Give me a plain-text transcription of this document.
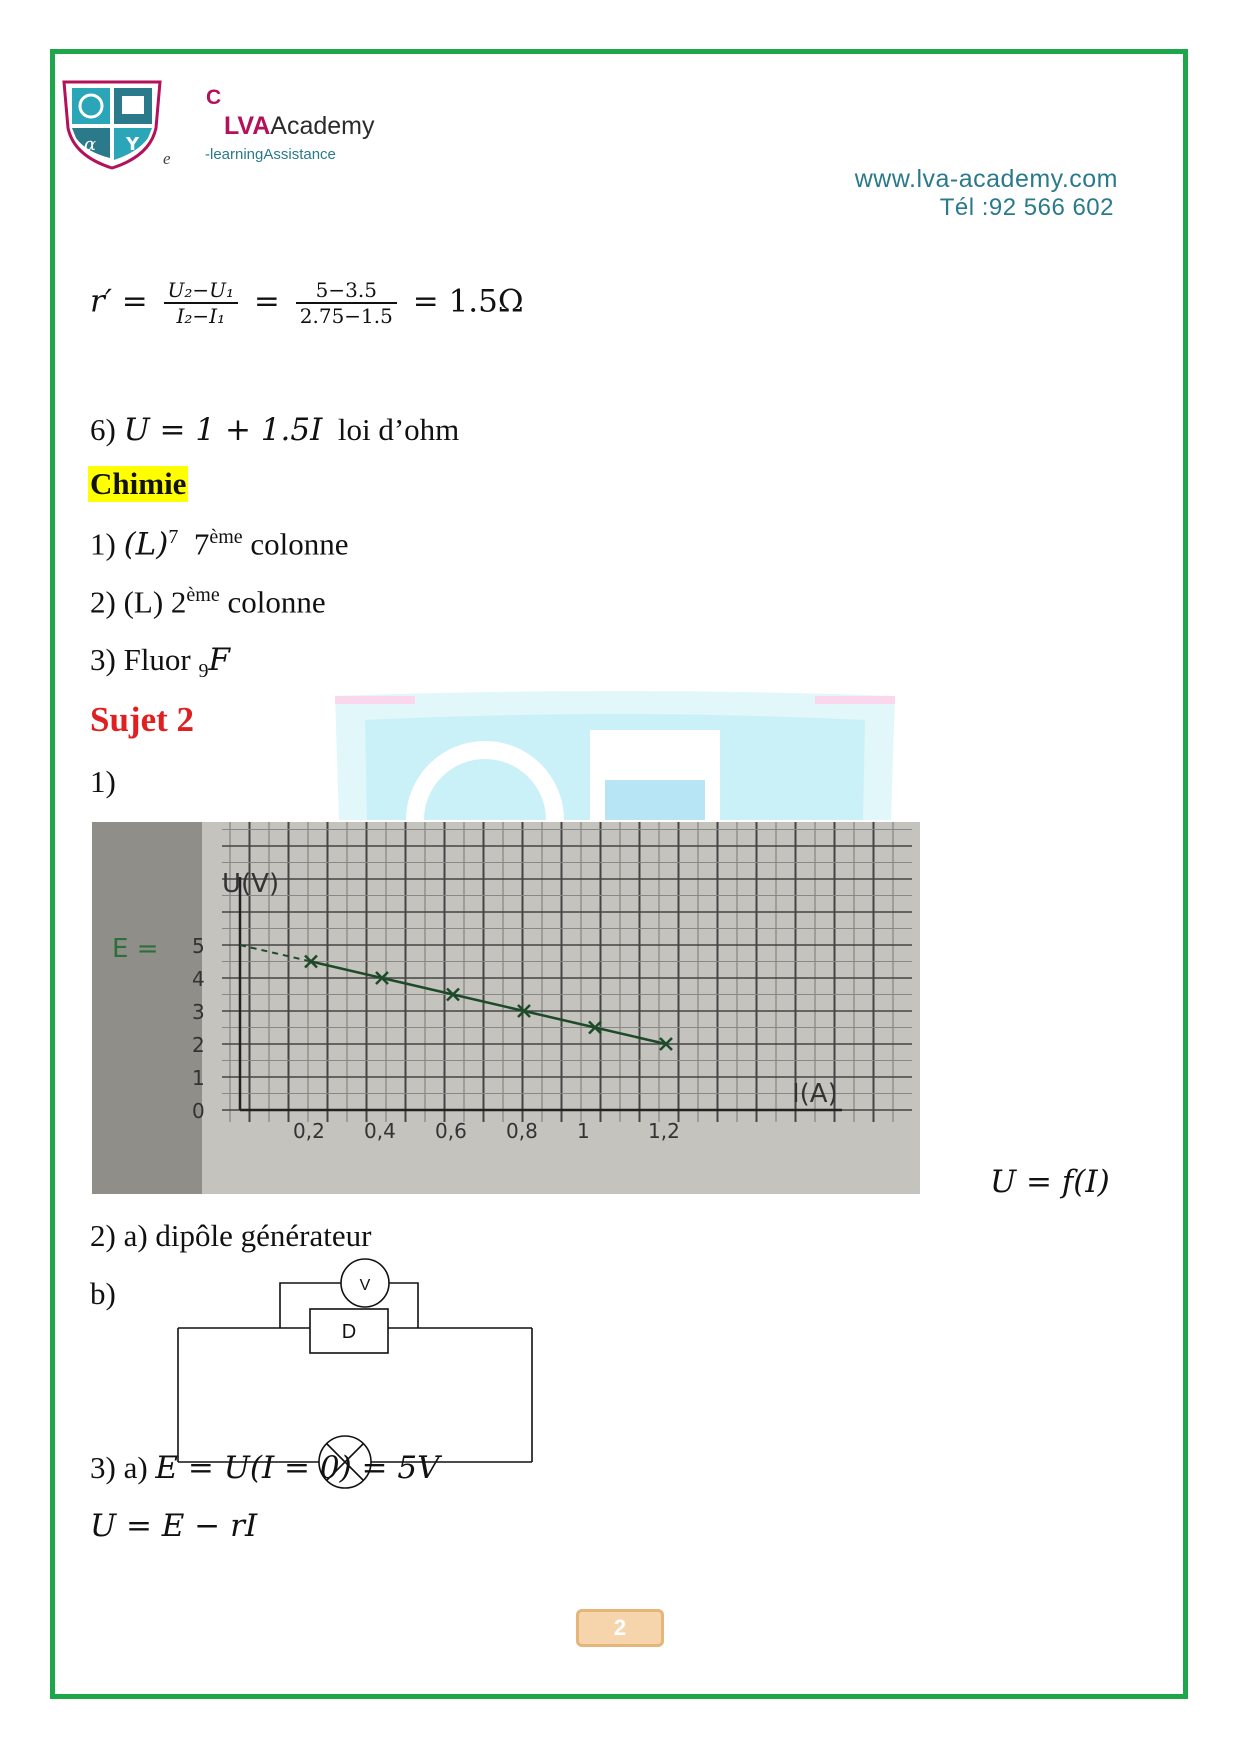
α Y
C
LVAAcademy
e -learningAssistance
www.lva-academy.com
Tél :92 566 602
$r' = \frac{\text{U₂−U₁}}{\text{I₂−I₁}} = \frac{5-3.5}{2.75-1.5} = 1.5\Omega$
6) U = 1 + 1.5I loi d’ohm
Chimie
1) $(L)^7$ 7ème colonne
2) (L) 2ème colonne
3) Fluor $_9$F
Sujet 2
1)
0
1
2
3
4
5
0,2 0,4 0,6 0,8 1	1,2
U(V)
I(A)
E =
U = f(I)
2) a) dipôle générateur
b)	V
D
3) a) E = U(I = 0) = 5V
U = E − rI
2
